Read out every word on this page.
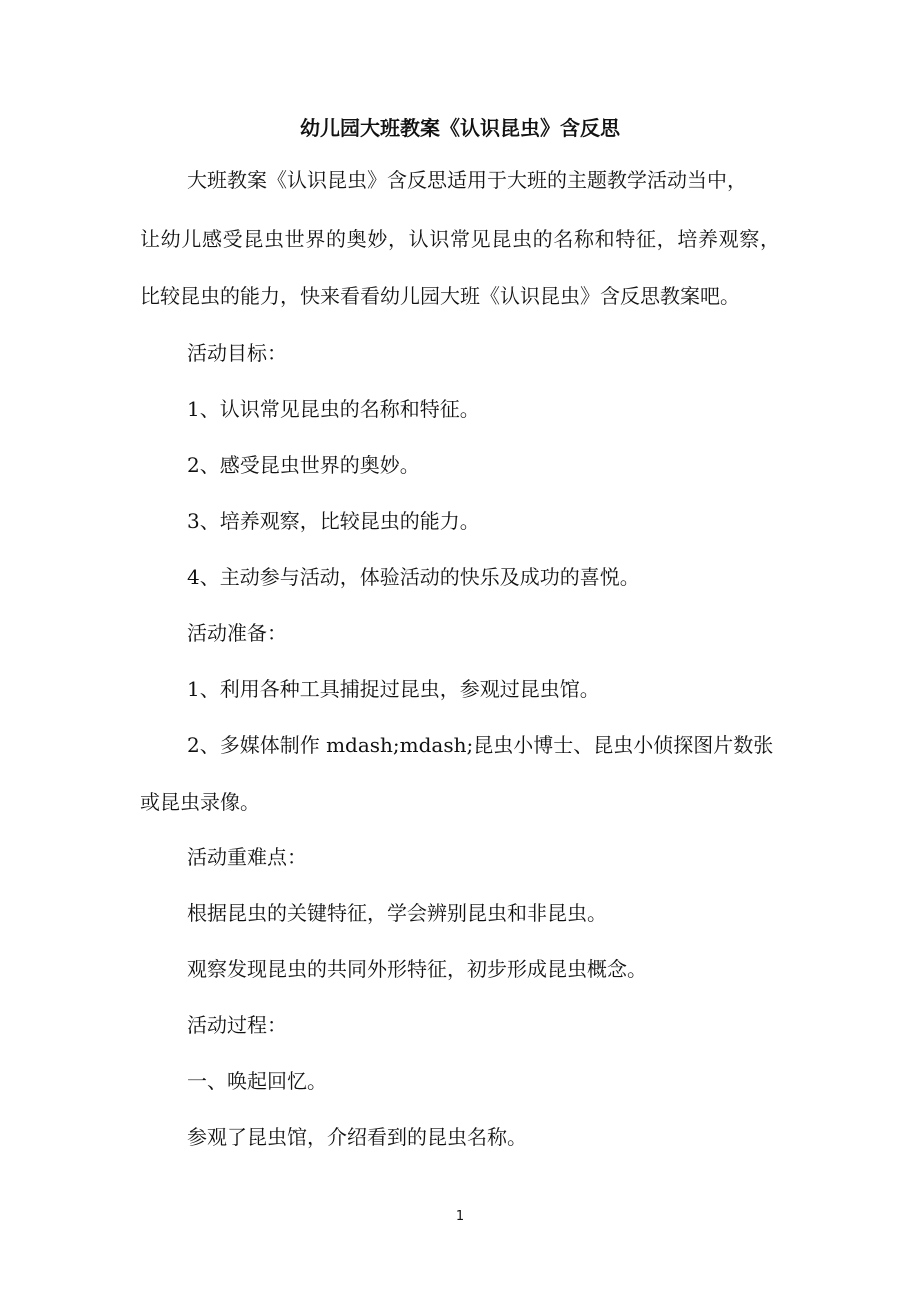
幼儿园大班教案《认识昆虫》含反思
大班教案《认识昆虫》含反思适用于大班的主题教学活动当中，
让幼儿感受昆虫世界的奥妙，认识常见昆虫的名称和特征，培养观察，
比较昆虫的能力，快来看看幼儿园大班《认识昆虫》含反思教案吧。
活动目标：
1、认识常见昆虫的名称和特征。
2、感受昆虫世界的奥妙。
3、培养观察，比较昆虫的能力。
4、主动参与活动，体验活动的快乐及成功的喜悦。
活动准备：
1、利用各种工具捕捉过昆虫，参观过昆虫馆。
2、多媒体制作 mdash;mdash;昆虫小博士、昆虫小侦探图片数张
或昆虫录像。
活动重难点：
根据昆虫的关键特征，学会辨别昆虫和非昆虫。
观察发现昆虫的共同外形特征，初步形成昆虫概念。
活动过程：
一、唤起回忆。
参观了昆虫馆，介绍看到的昆虫名称。
1
